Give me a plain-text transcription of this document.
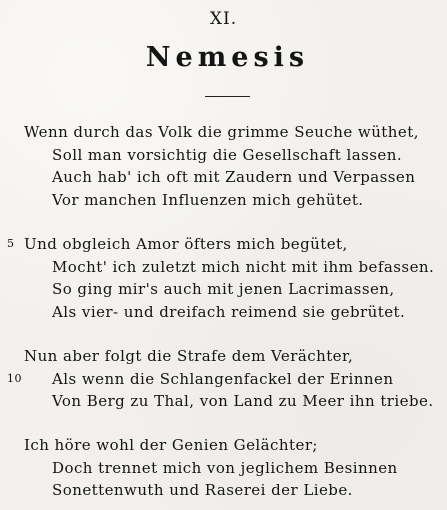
XI.
Nemesis
Wenn durch das Volk die grimme Seuche wüthet,
Soll man vorsichtig die Gesellschaft lassen.
Auch hab' ich oft mit Zaudern und Verpassen
Vor manchen Influenzen mich gehütet.
5 Und obgleich Amor öfters mich begütet,
Mocht' ich zuletzt mich nicht mit ihm befassen.
So ging mir's auch mit jenen Lacrimassen,
Als vier- und dreifach reimend sie gebrütet.
Nun aber folgt die Strafe dem Verächter,
10 Als wenn die Schlangenfackel der Erinnen
Von Berg zu Thal, von Land zu Meer ihn triebe.
Ich höre wohl der Genien Gelächter;
Doch trennet mich von jeglichem Besinnen
Sonettenwuth und Raserei der Liebe.
